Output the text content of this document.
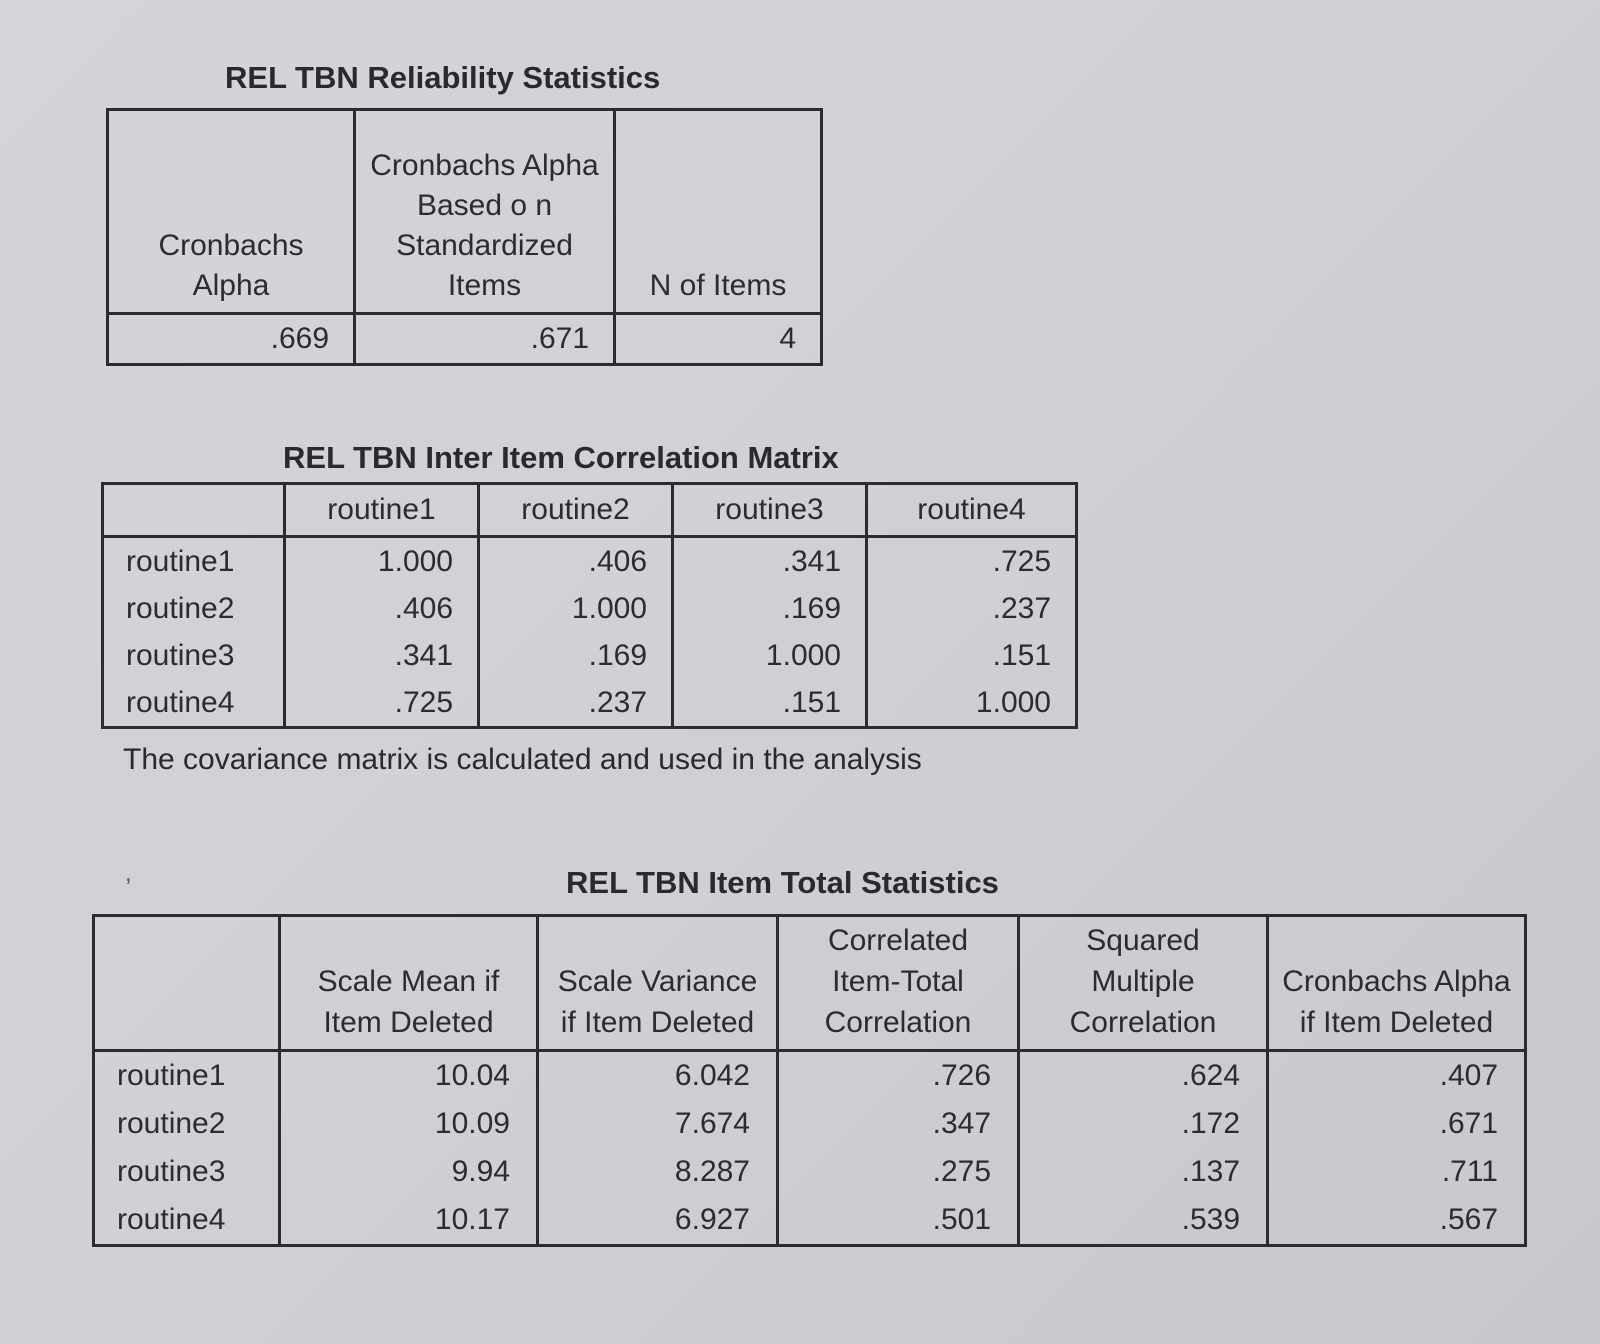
REL TBN Reliability Statistics
Cronbachs Alpha	Cronbachs Alpha Based o n Standardized Items	N of Items
.669	.671	4
REL TBN Inter Item Correlation Matrix
	routine1	routine2	routine3	routine4
routine1	1.000	.406	.341	.725
routine2	.406	1.000	.169	.237
routine3	.341	.169	1.000	.151
routine4	.725	.237	.151	1.000
The covariance matrix is calculated and used in the analysis
,	REL TBN Item Total Statistics
	Scale Mean if Item Deleted	Scale Variance if Item Deleted	Correlated Item-Total Correlation	Squared Multiple Correlation	Cronbachs Alpha if Item Deleted
routine1	10.04	6.042	.726	.624	.407
routine2	10.09	7.674	.347	.172	.671
routine3	9.94	8.287	.275	.137	.711
routine4	10.17	6.927	.501	.539	.567
